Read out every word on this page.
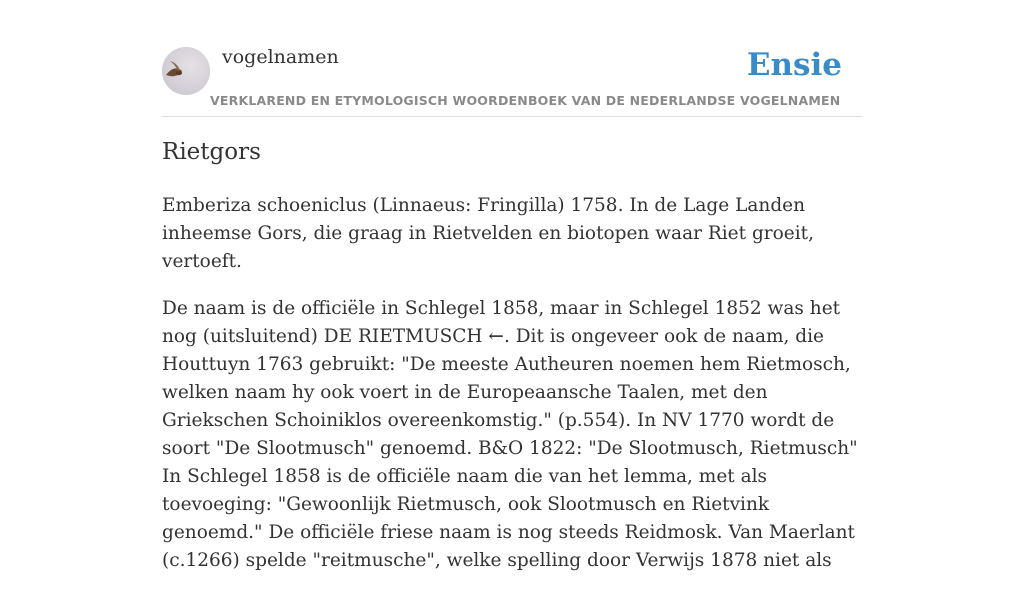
vogelnamen
VERKLAREND EN ETYMOLOGISCH WOORDENBOEK VAN DE NEDERLANDSE VOGELNAMEN
Ensie
Rietgors

Emberiza schoeniclus (Linnaeus: Fringilla) 1758. In de Lage Landen inheemse Gors, die graag in Rietvelden en biotopen waar Riet groeit, vertoeft.

De naam is de officiële in Schlegel 1858, maar in Schlegel 1852 was het nog (uitsluitend) DE RIETMUSCH ←. Dit is ongeveer ook de naam, die Houttuyn 1763 gebruikt: "De meeste Autheuren noemen hem Rietmosch, welken naam hy ook voert in de Europeaansche Taalen, met den Griekschen Schoiniklos overeenkomstig." (p.554). In NV 1770 wordt de soort "De Slootmusch" genoemd. B&O 1822: "De Slootmusch, Rietmusch" In Schlegel 1858 is de officiële naam die van het lemma, met als toevoeging: "Gewoonlijk Rietmusch, ook Slootmusch en Rietvink genoemd." De officiële friese naam is nog steeds Reidmosk. Van Maerlant (c.1266) spelde "reitmusche", welke spelling door Verwijs 1878 niet als
